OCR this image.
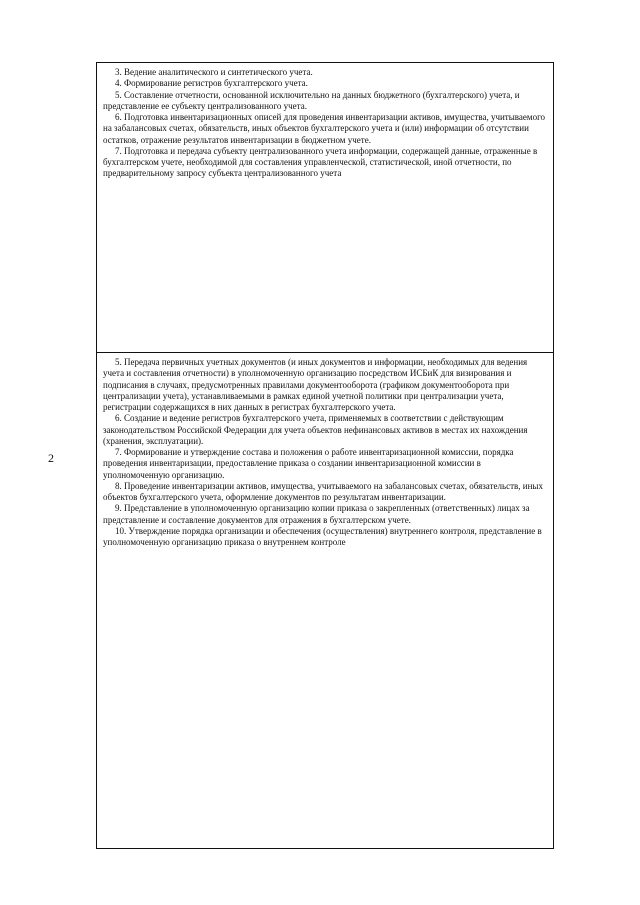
2

3. Ведение аналитического и синтетического учета.

4. Формирование регистров бухгалтерского учета.

5. Составление отчетности, основанной исключительно на данных бюджетного (бухгалтерского) учета, и представление ее субъекту централизованного учета.

6. Подготовка инвентаризационных описей для проведения инвентаризации активов, имущества, учитываемого на забалансовых счетах, обязательств, иных объектов бухгалтерского учета и (или) информации об отсутствии остатков, отражение результатов инвентаризации в бюджетном учете.

7. Подготовка и передача субъекту централизованного учета информации, содержащей данные, отраженные в бухгалтерском учете, необходимой для составления управленческой, статистической, иной отчетности, по предварительному запросу субъекта централизованного учета

5. Передача первичных учетных документов (и иных документов и информации, необходимых для ведения учета и составления отчетности) в уполномоченную организацию посредством ИСБиК для визирования и подписания в случаях, предусмотренных правилами документооборота (графиком документооборота при централизации учета), устанавливаемыми в рамках единой учетной политики при централизации учета, регистрации содержащихся в них данных в регистрах бухгалтерского учета.

6. Создание и ведение регистров бухгалтерского учета, применяемых в соответствии с действующим законодательством Российской Федерации для учета объектов нефинансовых активов в местах их нахождения (хранения, эксплуатации).

7. Формирование и утверждение состава и положения о работе инвентаризационной комиссии, порядка проведения инвентаризации, предоставление приказа о создании инвентаризационной комиссии в уполномоченную организацию.

8. Проведение инвентаризации активов, имущества, учитываемого на забалансовых счетах, обязательств, иных объектов бухгалтерского учета, оформление документов по результатам инвентаризации.

9. Представление в уполномоченную организацию копии приказа о закрепленных (ответственных) лицах за представление и составление документов для отражения в бухгалтерском учете.

10. Утверждение порядка организации и обеспечения (осуществления) внутреннего контроля, представление в уполномоченную организацию приказа о внутреннем контроле
